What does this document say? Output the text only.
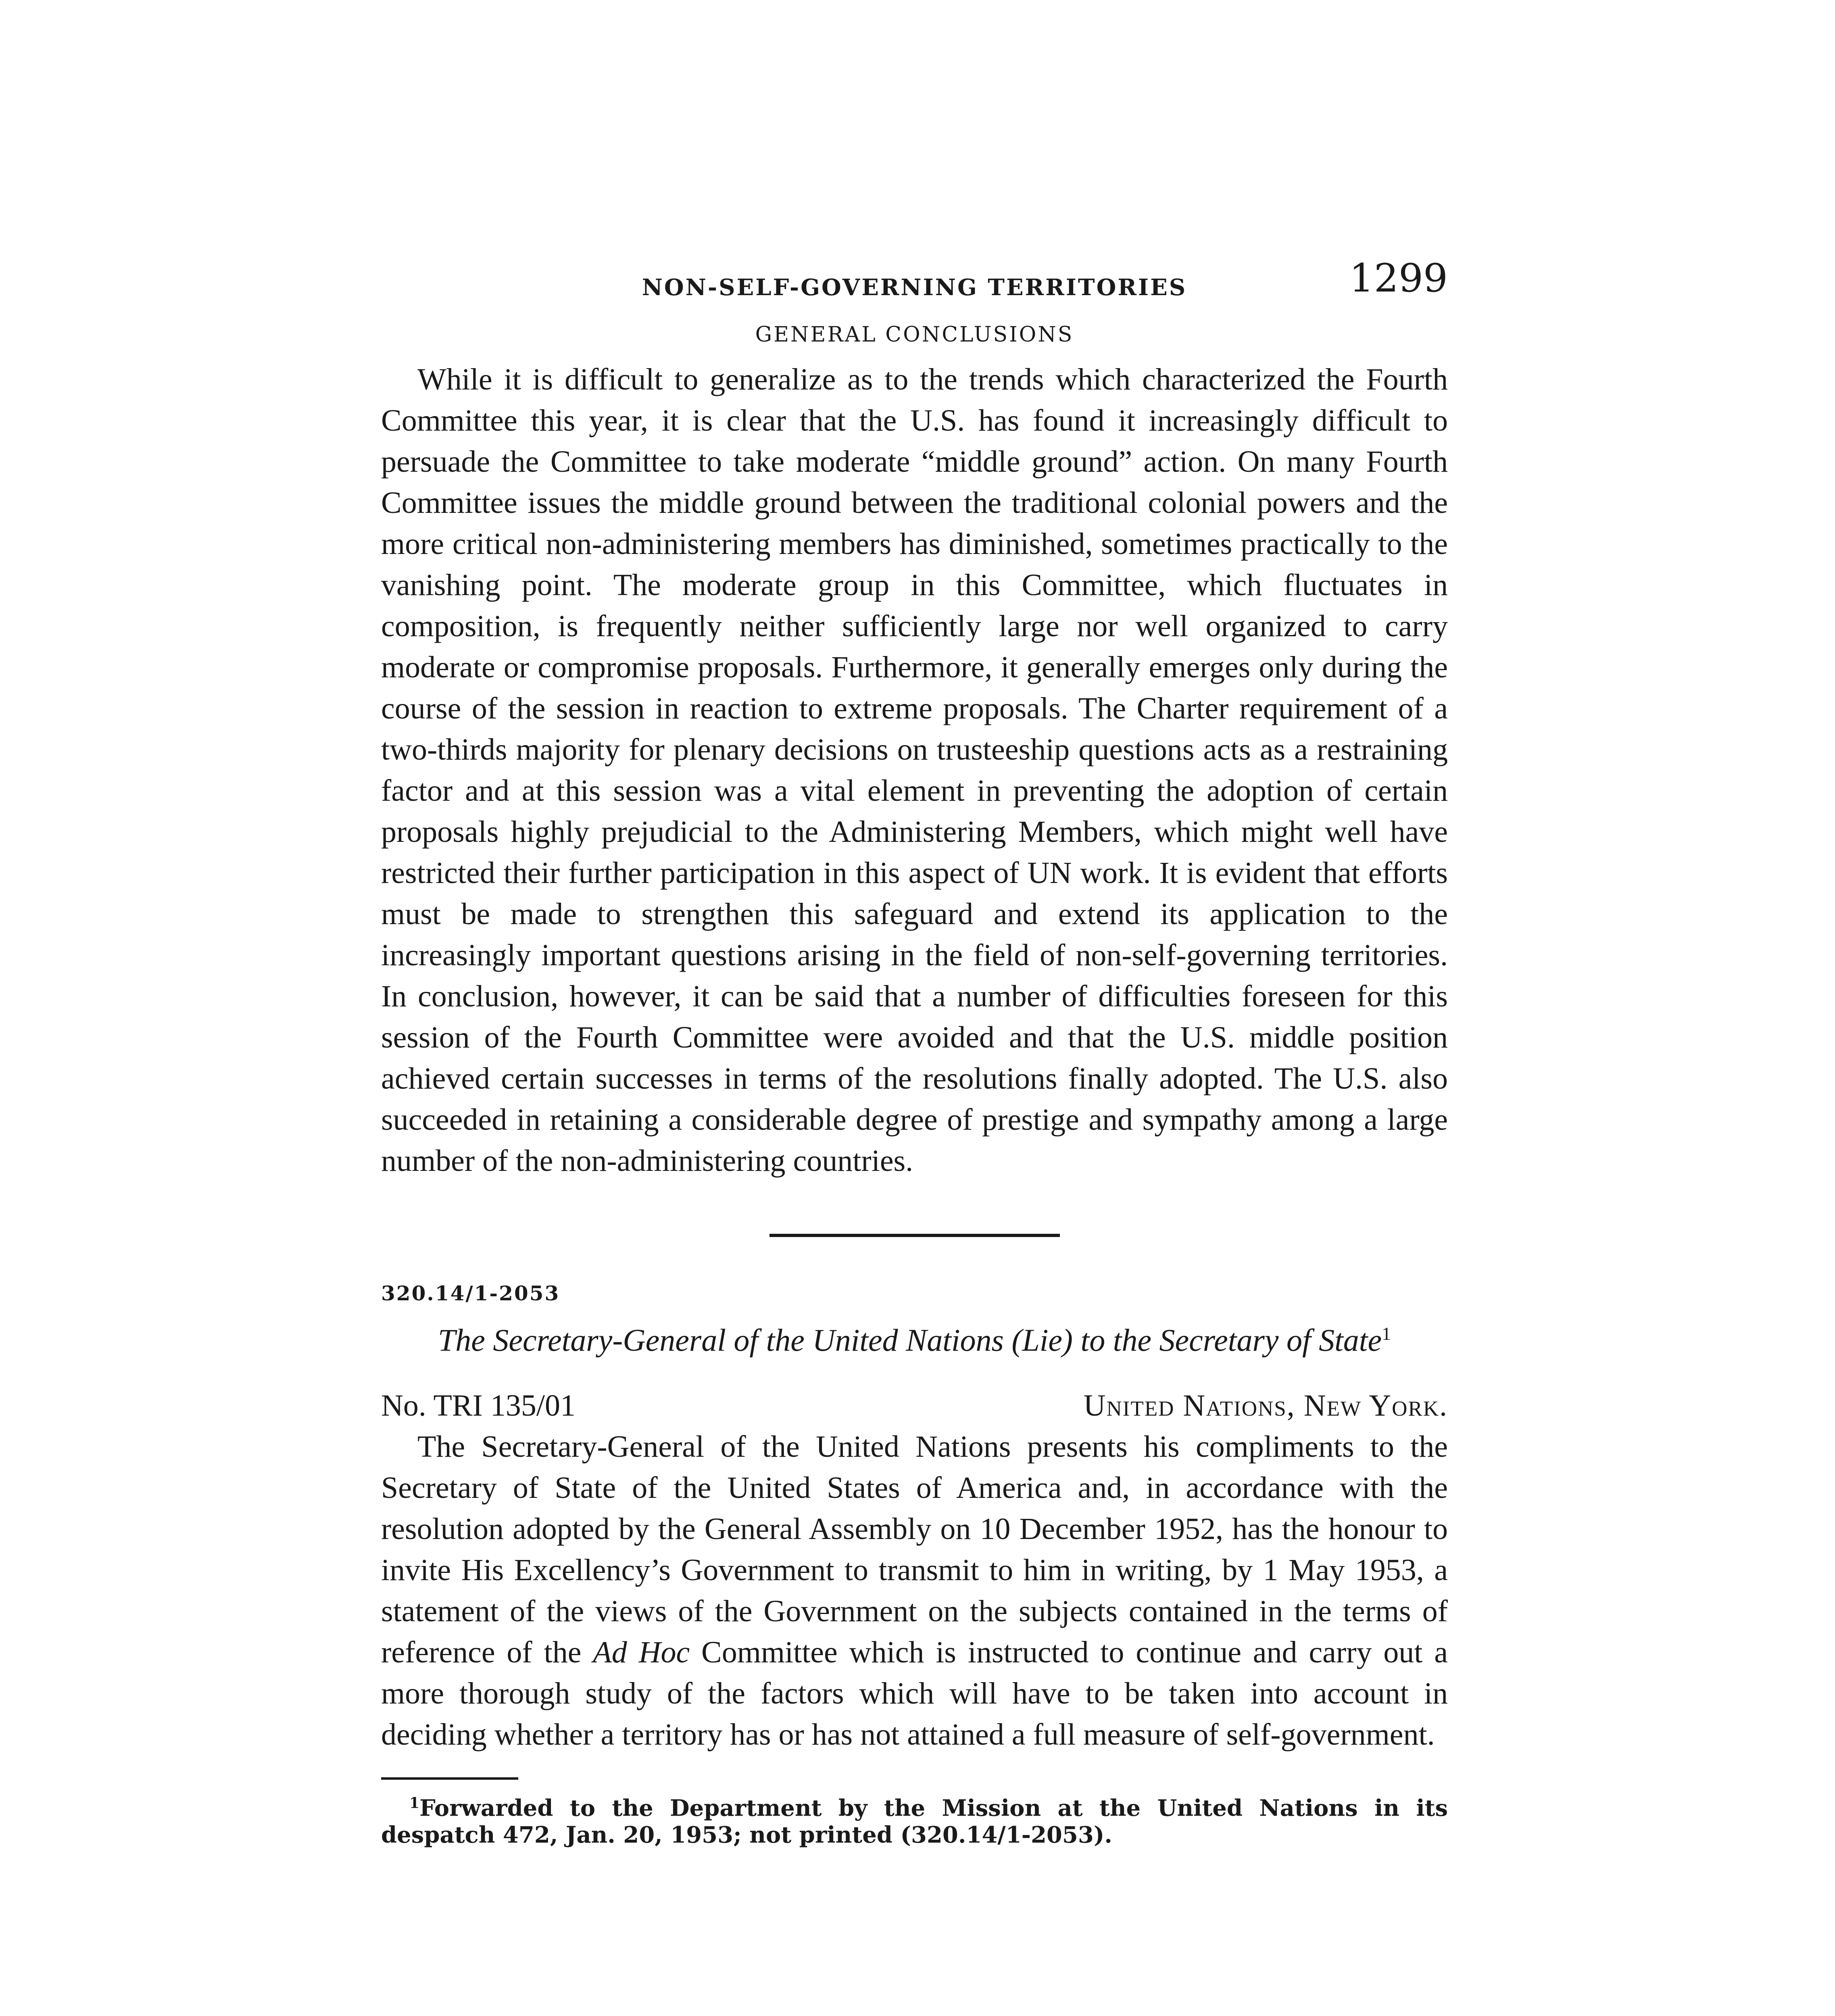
NON-SELF-GOVERNING TERRITORIES	1299
GENERAL CONCLUSIONS

While it is difficult to generalize as to the trends which characterized the Fourth Committee this year, it is clear that the U.S. has found it increasingly difficult to persuade the Committee to take moderate “middle ground” action. On many Fourth Committee issues the middle ground between the traditional colonial powers and the more critical non-administering members has diminished, sometimes practically to the vanishing point. The moderate group in this Committee, which fluctuates in composition, is frequently neither sufficiently large nor well organized to carry moderate or compromise proposals. Furthermore, it generally emerges only during the course of the session in reaction to extreme proposals. The Charter requirement of a two-thirds majority for plenary decisions on trusteeship questions acts as a restraining factor and at this session was a vital element in preventing the adoption of certain proposals highly prejudicial to the Administering Members, which might well have restricted their further participation in this aspect of UN work. It is evident that efforts must be made to strengthen this safeguard and extend its application to the increasingly important questions arising in the field of non-self-governing territories. In conclusion, however, it can be said that a number of difficulties foreseen for this session of the Fourth Committee were avoided and that the U.S. middle position achieved certain successes in terms of the resolutions finally adopted. The U.S. also succeeded in retaining a considerable degree of prestige and sympathy among a large number of the non-administering countries.

320.14/1-2053

The Secretary-General of the United Nations (Lie) to the Secretary of State$^1$

No. TRI 135/01	United Nations, New York.

The Secretary-General of the United Nations presents his compliments to the Secretary of State of the United States of America and, in accordance with the resolution adopted by the General Assembly on 10 December 1952, has the honour to invite His Excellency’s Government to transmit to him in writing, by 1 May 1953, a statement of the views of the Government on the subjects contained in the terms of reference of the Ad Hoc Committee which is instructed to continue and carry out a more thorough study of the factors which will have to be taken into account in deciding whether a territory has or has not attained a full measure of self-government.

$^1$Forwarded to the Department by the Mission at the United Nations in its despatch 472, Jan. 20, 1953; not printed (320.14/1-2053).
